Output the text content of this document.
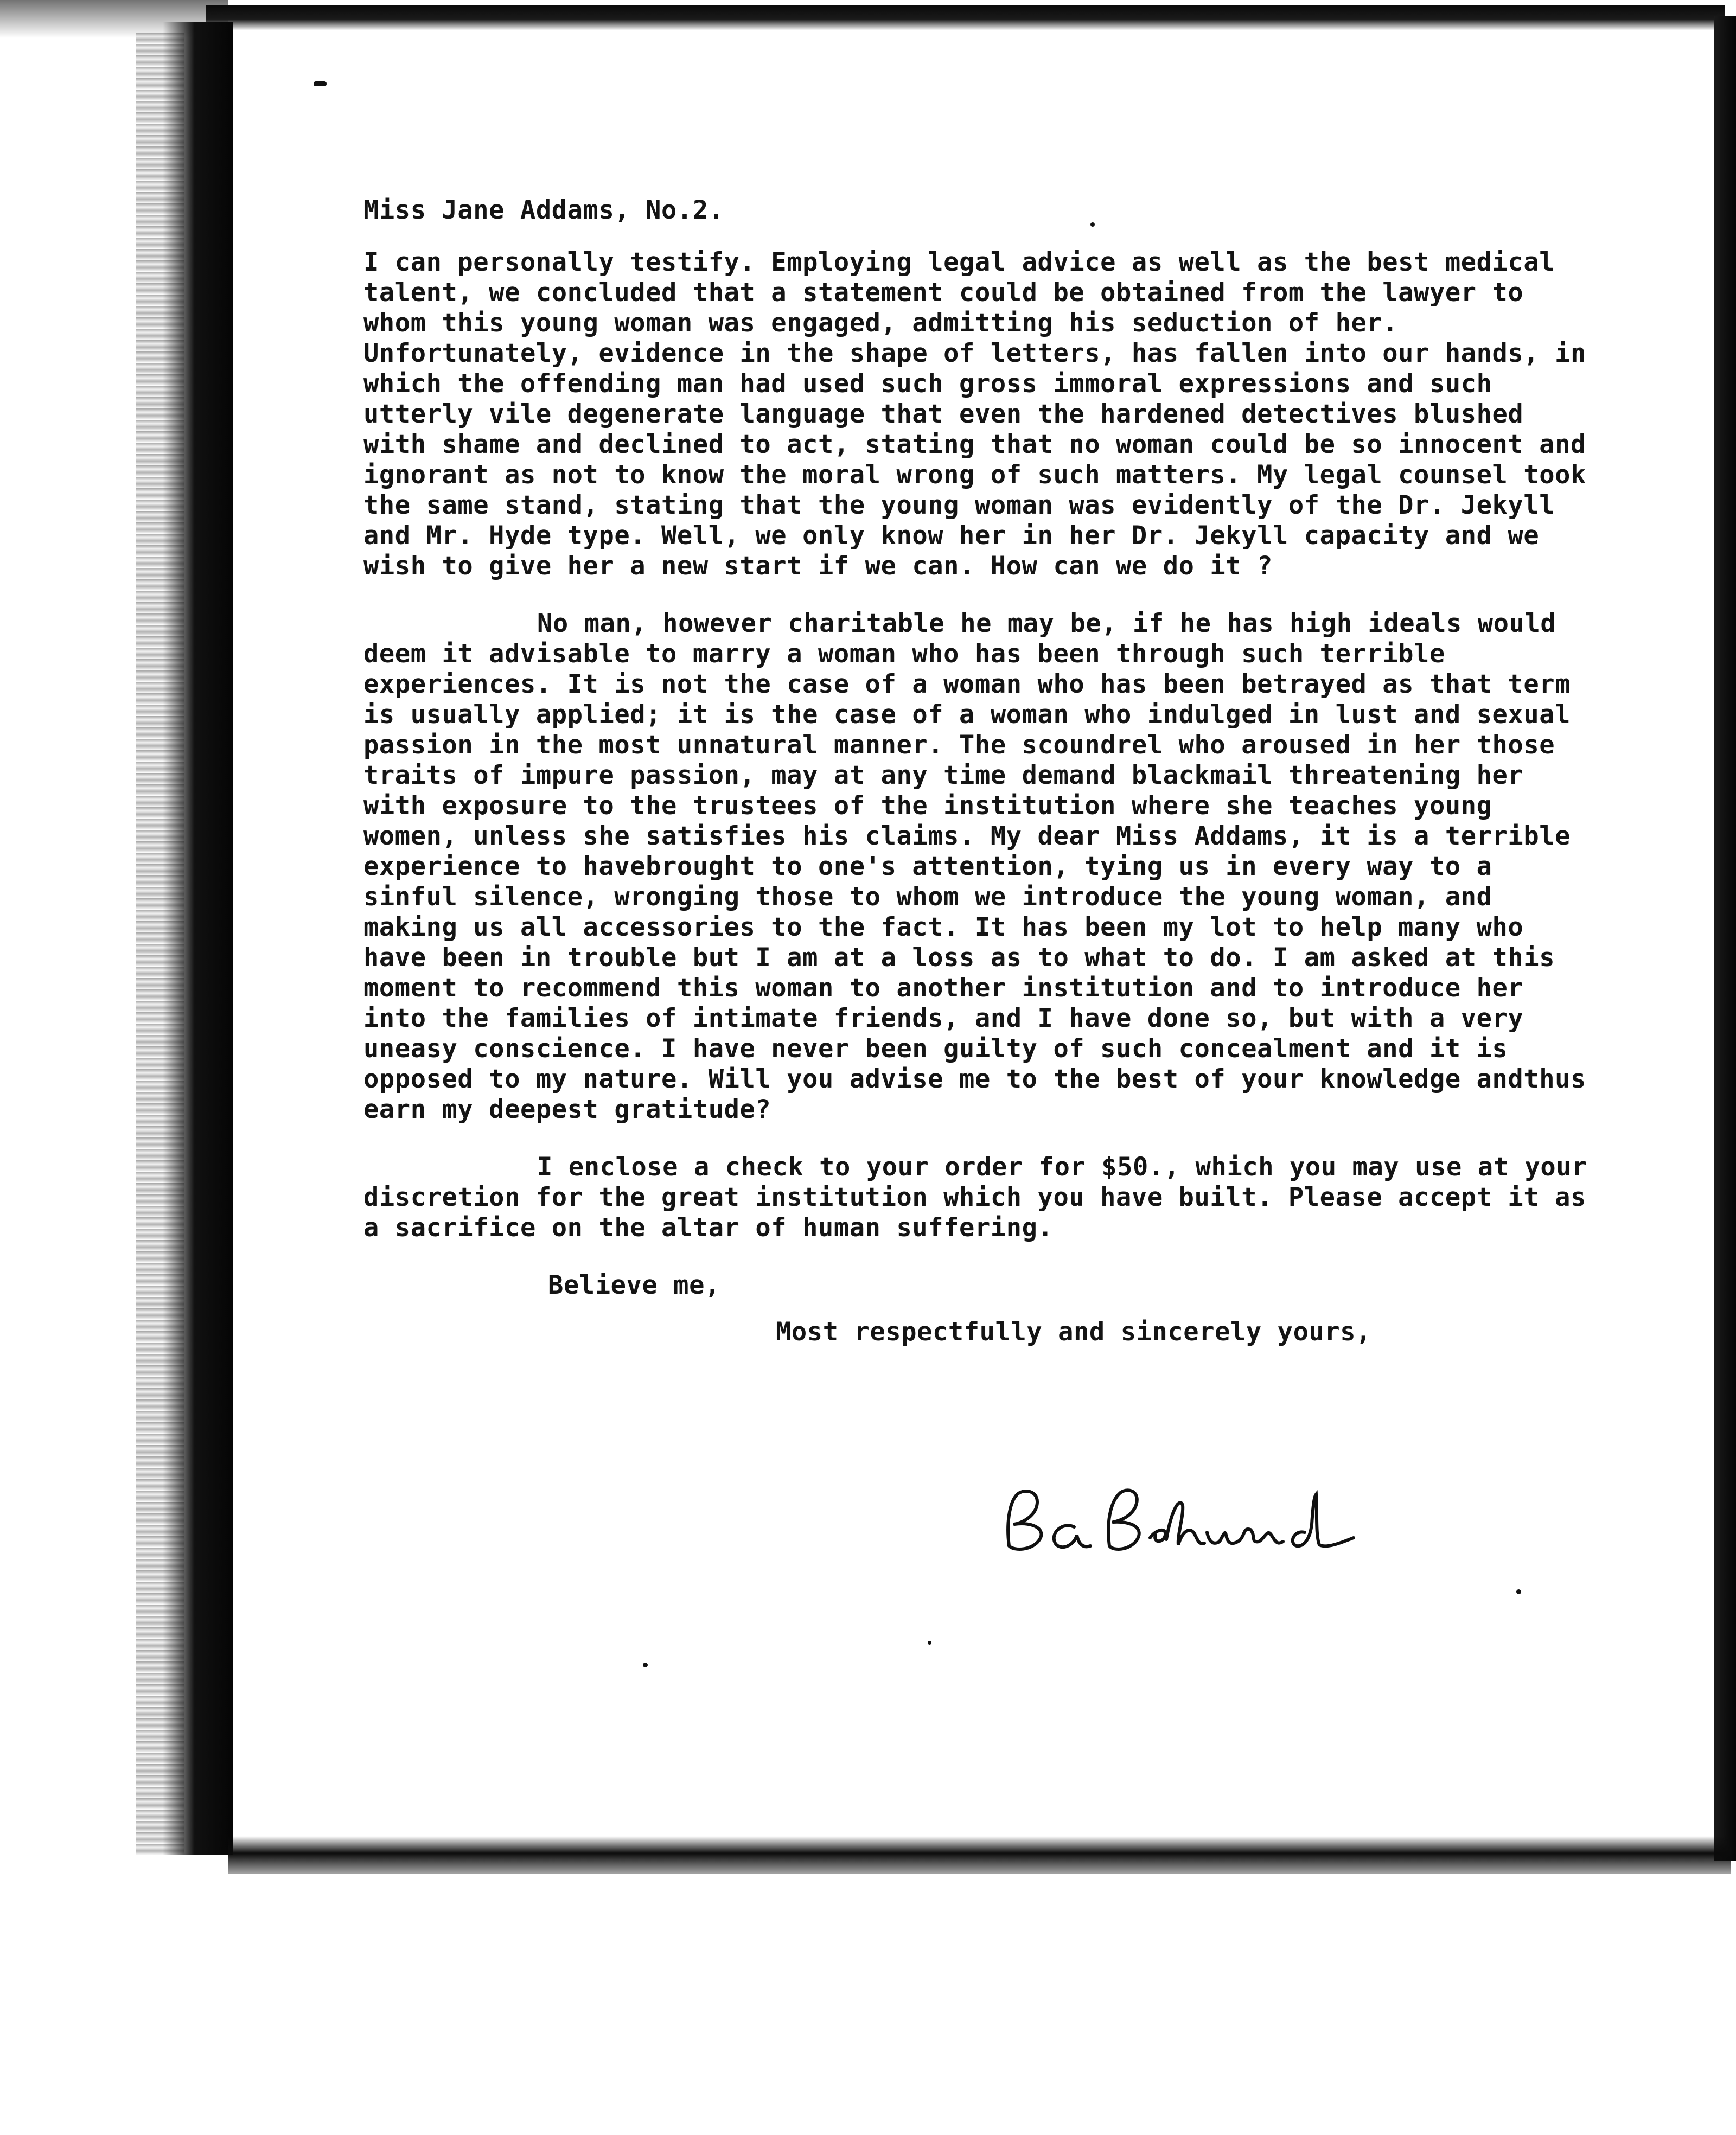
Miss Jane Addams, No.2.

I can personally testify. Employing legal advice as well as the best medical talent, we concluded that a statement could be obtained from the lawyer to whom this young woman was engaged, admitting his seduction of her. Unfortunately, evidence in the shape of letters, has fallen into our hands, in which the offending man had used such gross immoral expressions and such utterly vile degenerate language that even the hardened detectives blushed with shame and declined to act, stating that no woman could be so innocent and ignorant as not to know the moral wrong of such matters. My legal counsel took the same stand, stating that the young woman was evidently of the Dr. Jekyll and Mr. Hyde type. Well, we only know her in her Dr. Jekyll capacity and we wish to give her a new start if we can. How can we do it ?

No man, however charitable he may be, if he has high ideals would deem it advisable to marry a woman who has been through such terrible experiences. It is not the case of a woman who has been betrayed as that term is usually applied; it is the case of a woman who indulged in lust and sexual passion in the most unnatural manner. The scoundrel who aroused in her those traits of impure passion, may at any time demand blackmail threatening her with exposure to the trustees of the institution where she teaches young women, unless she satisfies his claims. My dear Miss Addams, it is a terrible experience to havebrought to one's attention, tying us in every way to a sinful silence, wronging those to whom we introduce the young woman, and making us all accessories to the fact. It has been my lot to help many who have been in trouble but I am at a loss as to what to do. I am asked at this moment to recommend this woman to another institution and to introduce her into the families of intimate friends, and I have done so, but with a very uneasy conscience. I have never been guilty of such concealment and it is opposed to my nature. Will you advise me to the best of your knowledge andthus earn my deepest gratitude?

I enclose a check to your order for $50., which you may use at your discretion for the great institution which you have built. Please accept it as a sacrifice on the altar of human suffering.

Believe me,

Most respectfully and sincerely yours,
